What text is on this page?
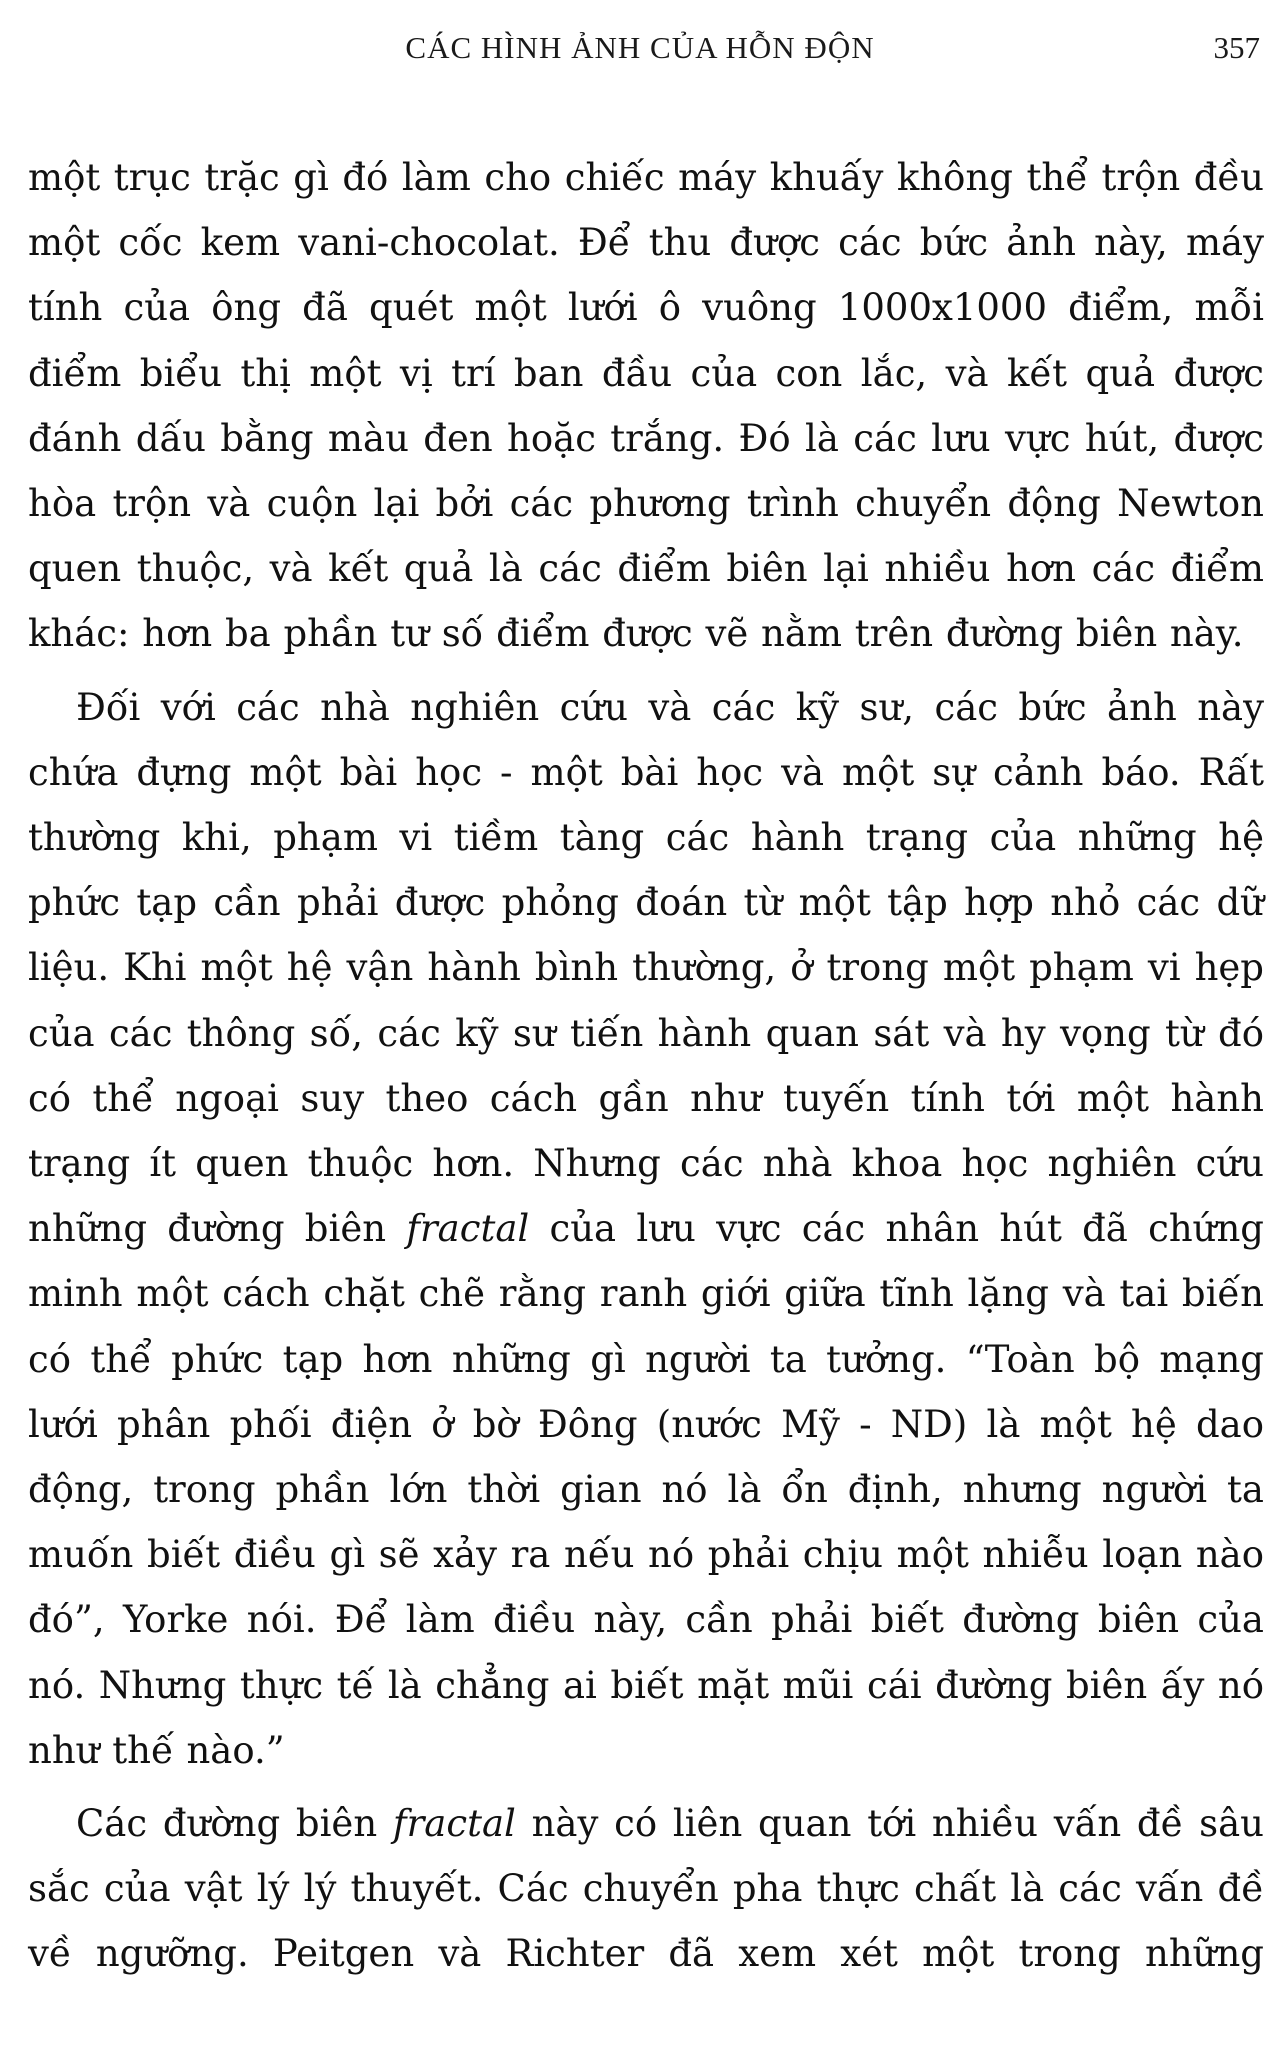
CÁC HÌNH ẢNH CỦA HỖN ĐỘN	357

một trục trặc gì đó làm cho chiếc máy khuấy không thể trộn đều một cốc kem vani-chocolat. Để thu được các bức ảnh này, máy tính của ông đã quét một lưới ô vuông 1000x1000 điểm, mỗi điểm biểu thị một vị trí ban đầu của con lắc, và kết quả được đánh dấu bằng màu đen hoặc trắng. Đó là các lưu vực hút, được hòa trộn và cuộn lại bởi các phương trình chuyển động Newton quen thuộc, và kết quả là các điểm biên lại nhiều hơn các điểm khác: hơn ba phần tư số điểm được vẽ nằm trên đường biên này.

Đối với các nhà nghiên cứu và các kỹ sư, các bức ảnh này chứa đựng một bài học - một bài học và một sự cảnh báo. Rất thường khi, phạm vi tiềm tàng các hành trạng của những hệ phức tạp cần phải được phỏng đoán từ một tập hợp nhỏ các dữ liệu. Khi một hệ vận hành bình thường, ở trong một phạm vi hẹp của các thông số, các kỹ sư tiến hành quan sát và hy vọng từ đó có thể ngoại suy theo cách gần như tuyến tính tới một hành trạng ít quen thuộc hơn. Nhưng các nhà khoa học nghiên cứu những đường biên fractal của lưu vực các nhân hút đã chứng minh một cách chặt chẽ rằng ranh giới giữa tĩnh lặng và tai biến có thể phức tạp hơn những gì người ta tưởng. “Toàn bộ mạng lưới phân phối điện ở bờ Đông (nước Mỹ - ND) là một hệ dao động, trong phần lớn thời gian nó là ổn định, nhưng người ta muốn biết điều gì sẽ xảy ra nếu nó phải chịu một nhiễu loạn nào đó”, Yorke nói. Để làm điều này, cần phải biết đường biên của nó. Nhưng thực tế là chẳng ai biết mặt mũi cái đường biên ấy nó như thế nào.”

Các đường biên fractal này có liên quan tới nhiều vấn đề sâu sắc của vật lý lý thuyết. Các chuyển pha thực chất là các vấn đề về ngưỡng. Peitgen và Richter đã xem xét một trong những
